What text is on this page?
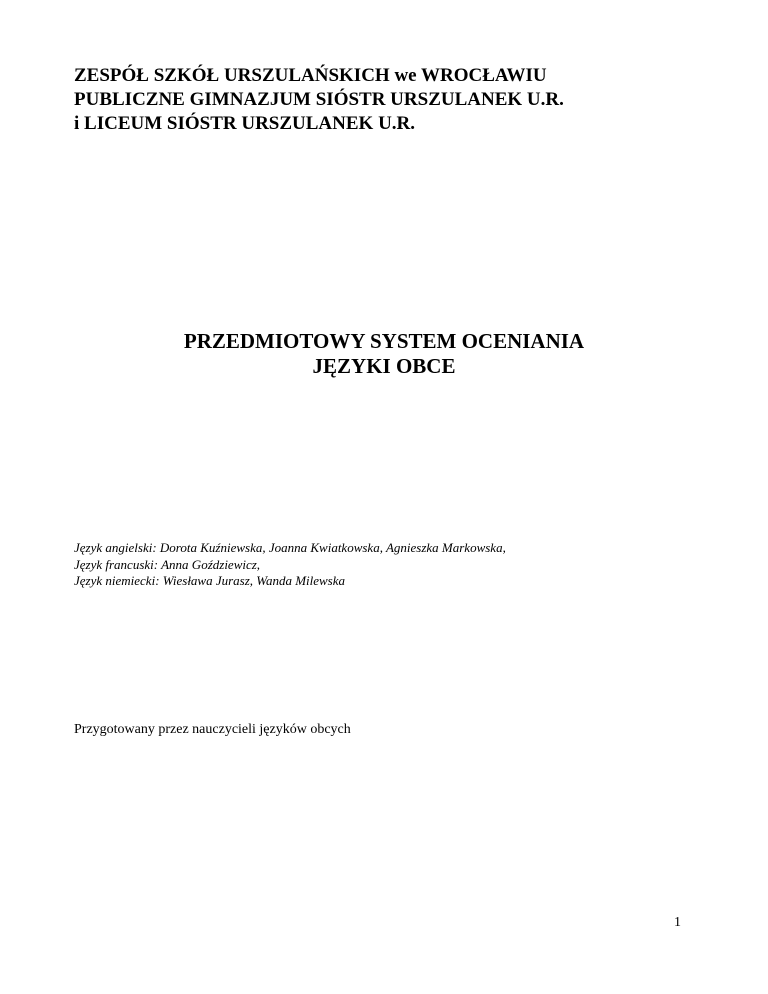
ZESPÓŁ SZKÓŁ URSZULAŃSKICH we WROCŁAWIU
PUBLICZNE GIMNAZJUM SIÓSTR URSZULANEK U.R.
i LICEUM SIÓSTR URSZULANEK U.R.
PRZEDMIOTOWY SYSTEM OCENIANIA
JĘZYKI OBCE
Język angielski: Dorota Kuźniewska, Joanna Kwiatkowska, Agnieszka Markowska,
Język francuski: Anna Goździewicz,
Język niemiecki: Wiesława Jurasz, Wanda Milewska
Przygotowany przez nauczycieli języków obcych
1
